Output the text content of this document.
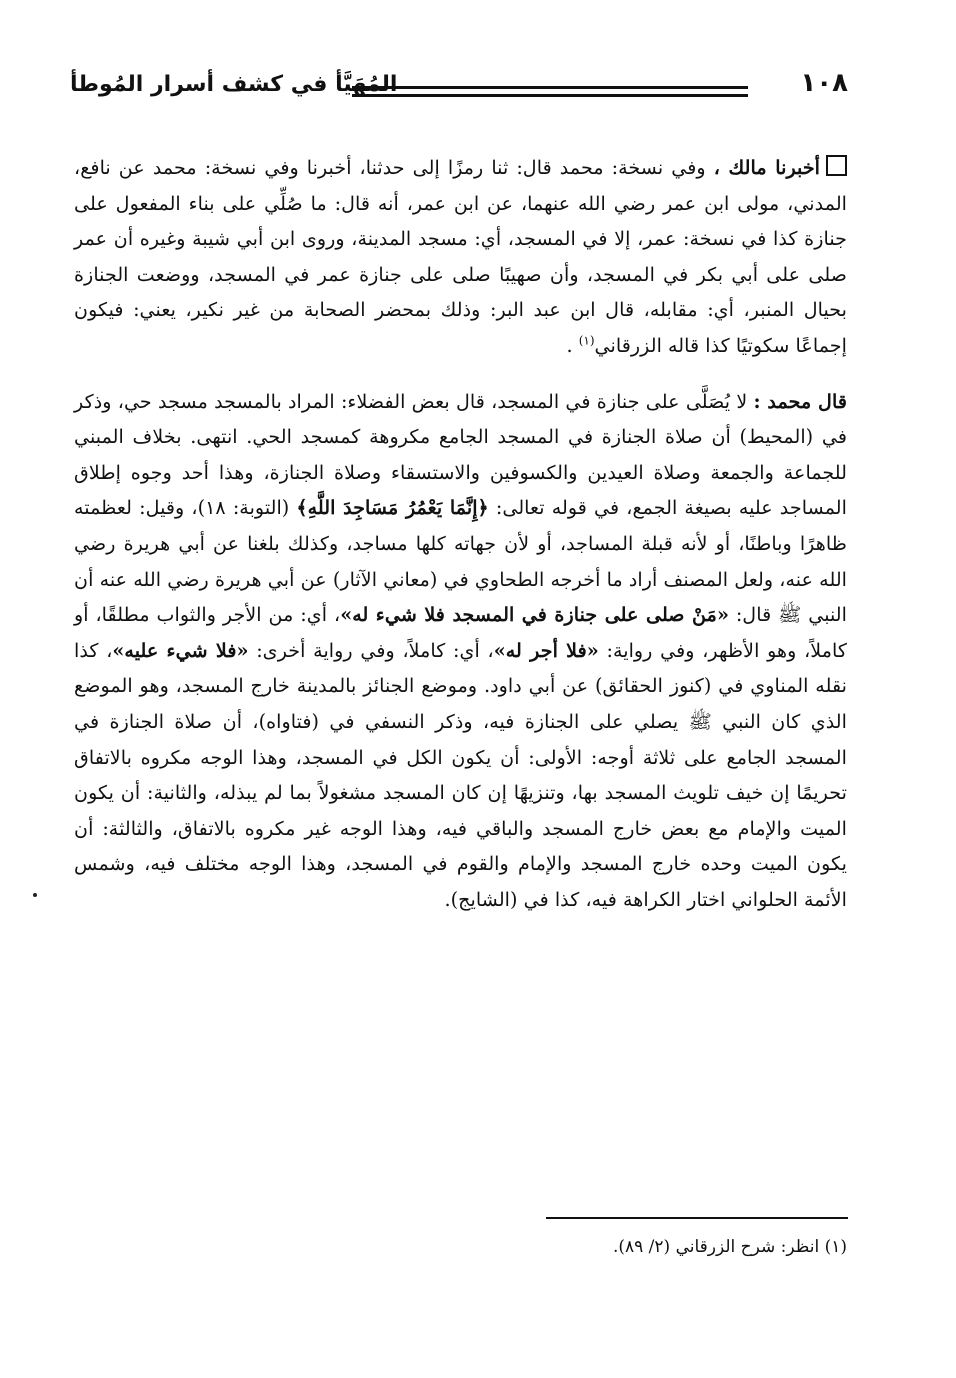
المُهَيَّأ في كشف أسرار المُوطأ	١٠٨

أخبرنا مالك ، وفي نسخة: محمد قال: ثنا رمزًا إلى حدثنا، أخبرنا وفي نسخة: محمد عن نافع، المدني، مولى ابن عمر رضي الله عنهما، عن ابن عمر، أنه قال: ما صُلِّي على بناء المفعول على جنازة كذا في نسخة: عمر، إلا في المسجد، أي: مسجد المدينة، وروى ابن أبي شيبة وغيره أن عمر صلى على أبي بكر في المسجد، وأن صهيبًا صلى على جنازة عمر في المسجد، ووضعت الجنازة بحيال المنبر، أي: مقابله، قال ابن عبد البر: وذلك بمحضر الصحابة من غير نكير، يعني: فيكون إجماعًا سكوتيًا كذا قاله الزرقاني$^{(١)}$ .

قال محمد : لا يُصَلَّى على جنازة في المسجد، قال بعض الفضلاء: المراد بالمسجد مسجد حي، وذكر في (المحيط) أن صلاة الجنازة في المسجد الجامع مكروهة كمسجد الحي. انتهى. بخلاف المبني للجماعة والجمعة وصلاة العيدين والكسوفين والاستسقاء وصلاة الجنازة، وهذا أحد وجوه إطلاق المساجد عليه بصيغة الجمع، في قوله تعالى: ﴿إِنَّمَا يَعْمُرُ مَسَاجِدَ اللَّهِ﴾ (التوبة: ١٨)، وقيل: لعظمته ظاهرًا وباطنًا، أو لأنه قبلة المساجد، أو لأن جهاته كلها مساجد، وكذلك بلغنا عن أبي هريرة رضي الله عنه، ولعل المصنف أراد ما أخرجه الطحاوي في (معاني الآثار) عن أبي هريرة رضي الله عنه أن النبي ﷺ قال: «مَنْ صلى على جنازة في المسجد فلا شيء له»، أي: من الأجر والثواب مطلقًا، أو كاملاً، وهو الأظهر، وفي رواية: «فلا أجر له»، أي: كاملاً، وفي رواية أخرى: «فلا شيء عليه»، كذا نقله المناوي في (كنوز الحقائق) عن أبي داود. وموضع الجنائز بالمدينة خارج المسجد، وهو الموضع الذي كان النبي ﷺ يصلي على الجنازة فيه، وذكر النسفي في (فتاواه)، أن صلاة الجنازة في المسجد الجامع على ثلاثة أوجه: الأولى: أن يكون الكل في المسجد، وهذا الوجه مكروه بالاتفاق تحريمًا إن خيف تلويث المسجد بها، وتنزيهًا إن كان المسجد مشغولاً بما لم يبذله، والثانية: أن يكون الميت والإمام مع بعض خارج المسجد والباقي فيه، وهذا الوجه غير مكروه بالاتفاق، والثالثة: أن يكون الميت وحده خارج المسجد والإمام والقوم في المسجد، وهذا الوجه مختلف فيه، وشمس الأئمة الحلواني اختار الكراهة فيه، كذا في (الشايج).

(١) انظر: شرح الزرقاني (٢/ ٨٩).
